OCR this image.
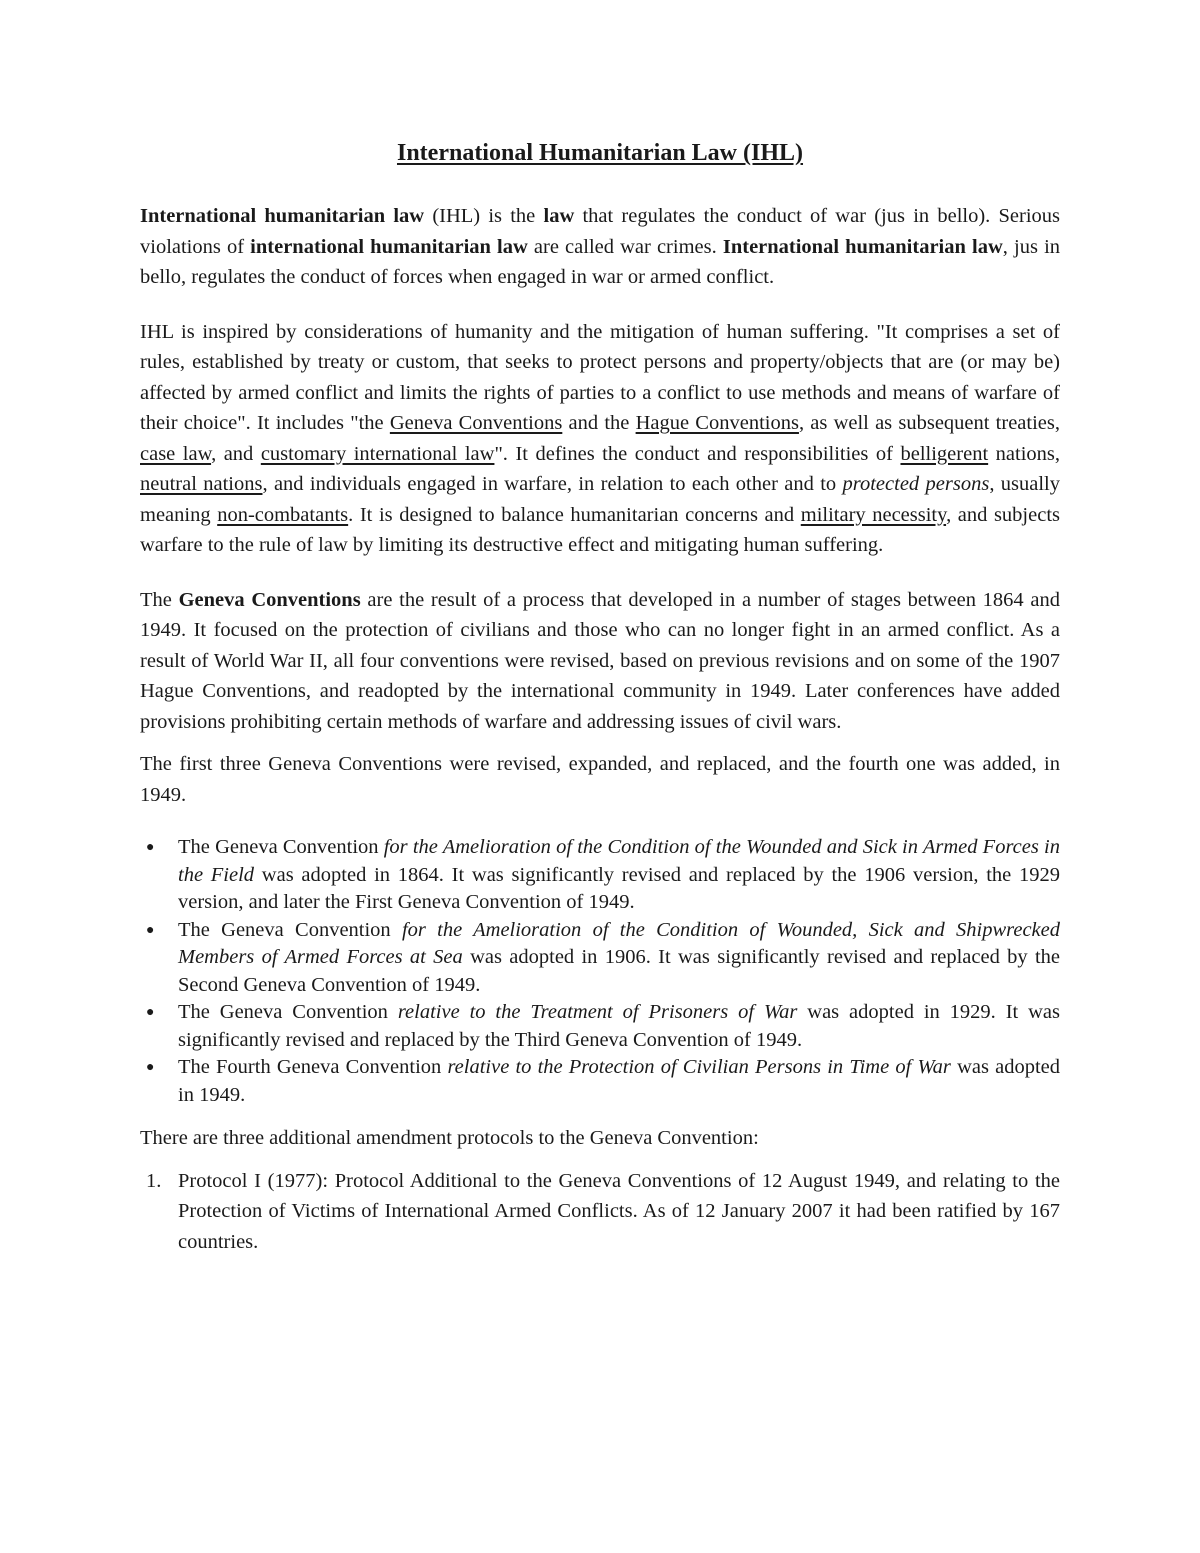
International Humanitarian Law (IHL)

International humanitarian law (IHL) is the law that regulates the conduct of war (jus in bello). Serious violations of international humanitarian law are called war crimes. International humanitarian law, jus in bello, regulates the conduct of forces when engaged in war or armed conflict.

IHL is inspired by considerations of humanity and the mitigation of human suffering. "It comprises a set of rules, established by treaty or custom, that seeks to protect persons and property/objects that are (or may be) affected by armed conflict and limits the rights of parties to a conflict to use methods and means of warfare of their choice". It includes "the Geneva Conventions and the Hague Conventions, as well as subsequent treaties, case law, and customary international law". It defines the conduct and responsibilities of belligerent nations, neutral nations, and individuals engaged in warfare, in relation to each other and to protected persons, usually meaning non-combatants. It is designed to balance humanitarian concerns and military necessity, and subjects warfare to the rule of law by limiting its destructive effect and mitigating human suffering.

The Geneva Conventions are the result of a process that developed in a number of stages between 1864 and 1949. It focused on the protection of civilians and those who can no longer fight in an armed conflict. As a result of World War II, all four conventions were revised, based on previous revisions and on some of the 1907 Hague Conventions, and readopted by the international community in 1949. Later conferences have added provisions prohibiting certain methods of warfare and addressing issues of civil wars.

The first three Geneva Conventions were revised, expanded, and replaced, and the fourth one was added, in 1949.

● The Geneva Convention for the Amelioration of the Condition of the Wounded and Sick in Armed Forces in the Field was adopted in 1864. It was significantly revised and replaced by the 1906 version, the 1929 version, and later the First Geneva Convention of 1949.
● The Geneva Convention for the Amelioration of the Condition of Wounded, Sick and Shipwrecked Members of Armed Forces at Sea was adopted in 1906. It was significantly revised and replaced by the Second Geneva Convention of 1949.
● The Geneva Convention relative to the Treatment of Prisoners of War was adopted in 1929. It was significantly revised and replaced by the Third Geneva Convention of 1949.
● The Fourth Geneva Convention relative to the Protection of Civilian Persons in Time of War was adopted in 1949.

There are three additional amendment protocols to the Geneva Convention:

1. Protocol I (1977): Protocol Additional to the Geneva Conventions of 12 August 1949, and relating to the Protection of Victims of International Armed Conflicts. As of 12 January 2007 it had been ratified by 167 countries.
